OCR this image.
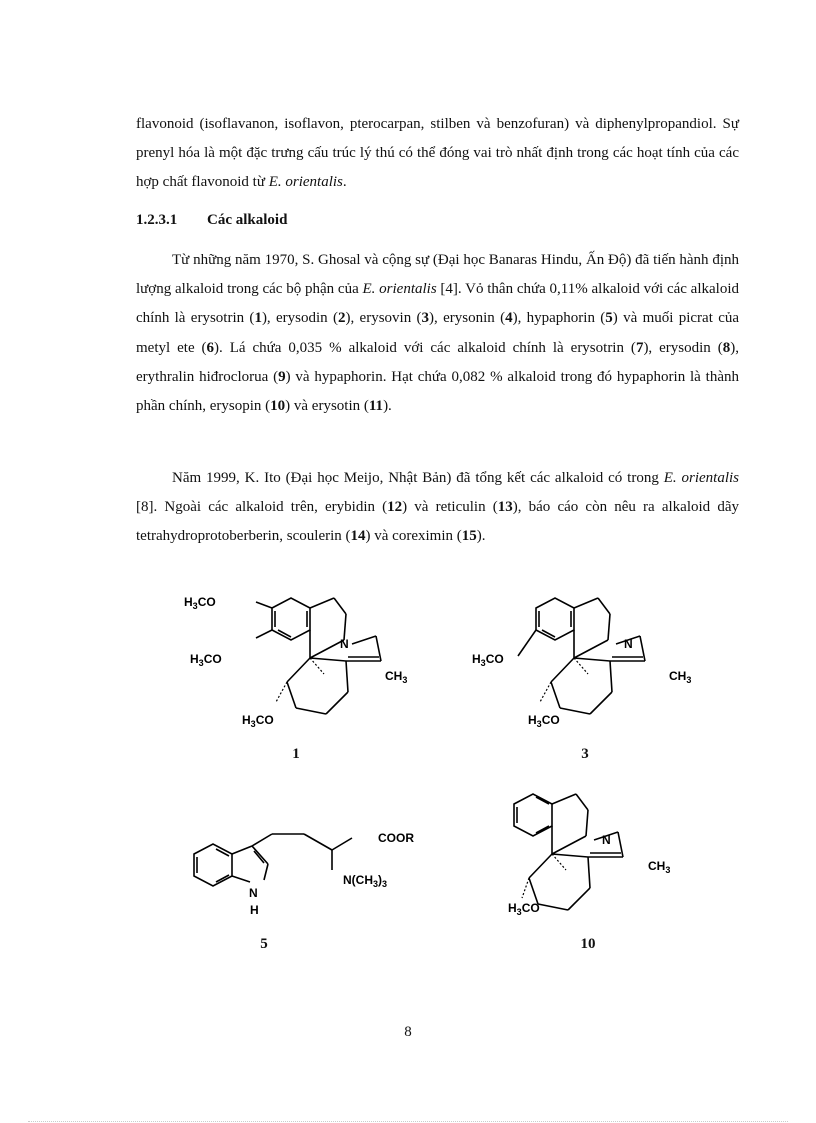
flavonoid (isoflavanon, isoflavon, pterocarpan, stilben và benzofuran) và diphenylpropandiol. Sự prenyl hóa là một đặc trưng cấu trúc lý thú có thể đóng vai trò nhất định trong các hoạt tính của các hợp chất flavonoid từ E. orientalis.

1.2.3.1 Các alkaloid

Từ những năm 1970, S. Ghosal và cộng sự (Đại học Banaras Hindu, Ấn Độ) đã tiến hành định lượng alkaloid trong các bộ phận của E. orientalis [4]. Vỏ thân chứa 0,11% alkaloid với các alkaloid chính là erysotrin (1), erysodin (2), erysovin (3), erysonin (4), hypaphorin (5) và muối picrat của metyl ete (6). Lá chứa 0,035 % alkaloid với các alkaloid chính là erysotrin (7), erysodin (8), erythralin hiđroclorua (9) và hypaphorin. Hạt chứa 0,082 % alkaloid trong đó hypaphorin là thành phần chính, erysopin (10) và erysotin (11).

Năm 1999, K. Ito (Đại học Meijo, Nhật Bản) đã tổng kết các alkaloid có trong E. orientalis [8]. Ngoài các alkaloid trên, erybidin (12) và reticulin (13), báo cáo còn nêu ra alkaloid dãy tetrahydroprotoberberin, scoulerin (14) và coreximin (15).

$H_3CO$
$H_3CO$
$H_3CO$
N
$CH_3$
1
$H_3CO$
$H_3CO$
N
$CH_3$
3
N
H
COOR
$N(CH_3)_3$
5
$H_3CO$
N
$CH_3$
10
8
